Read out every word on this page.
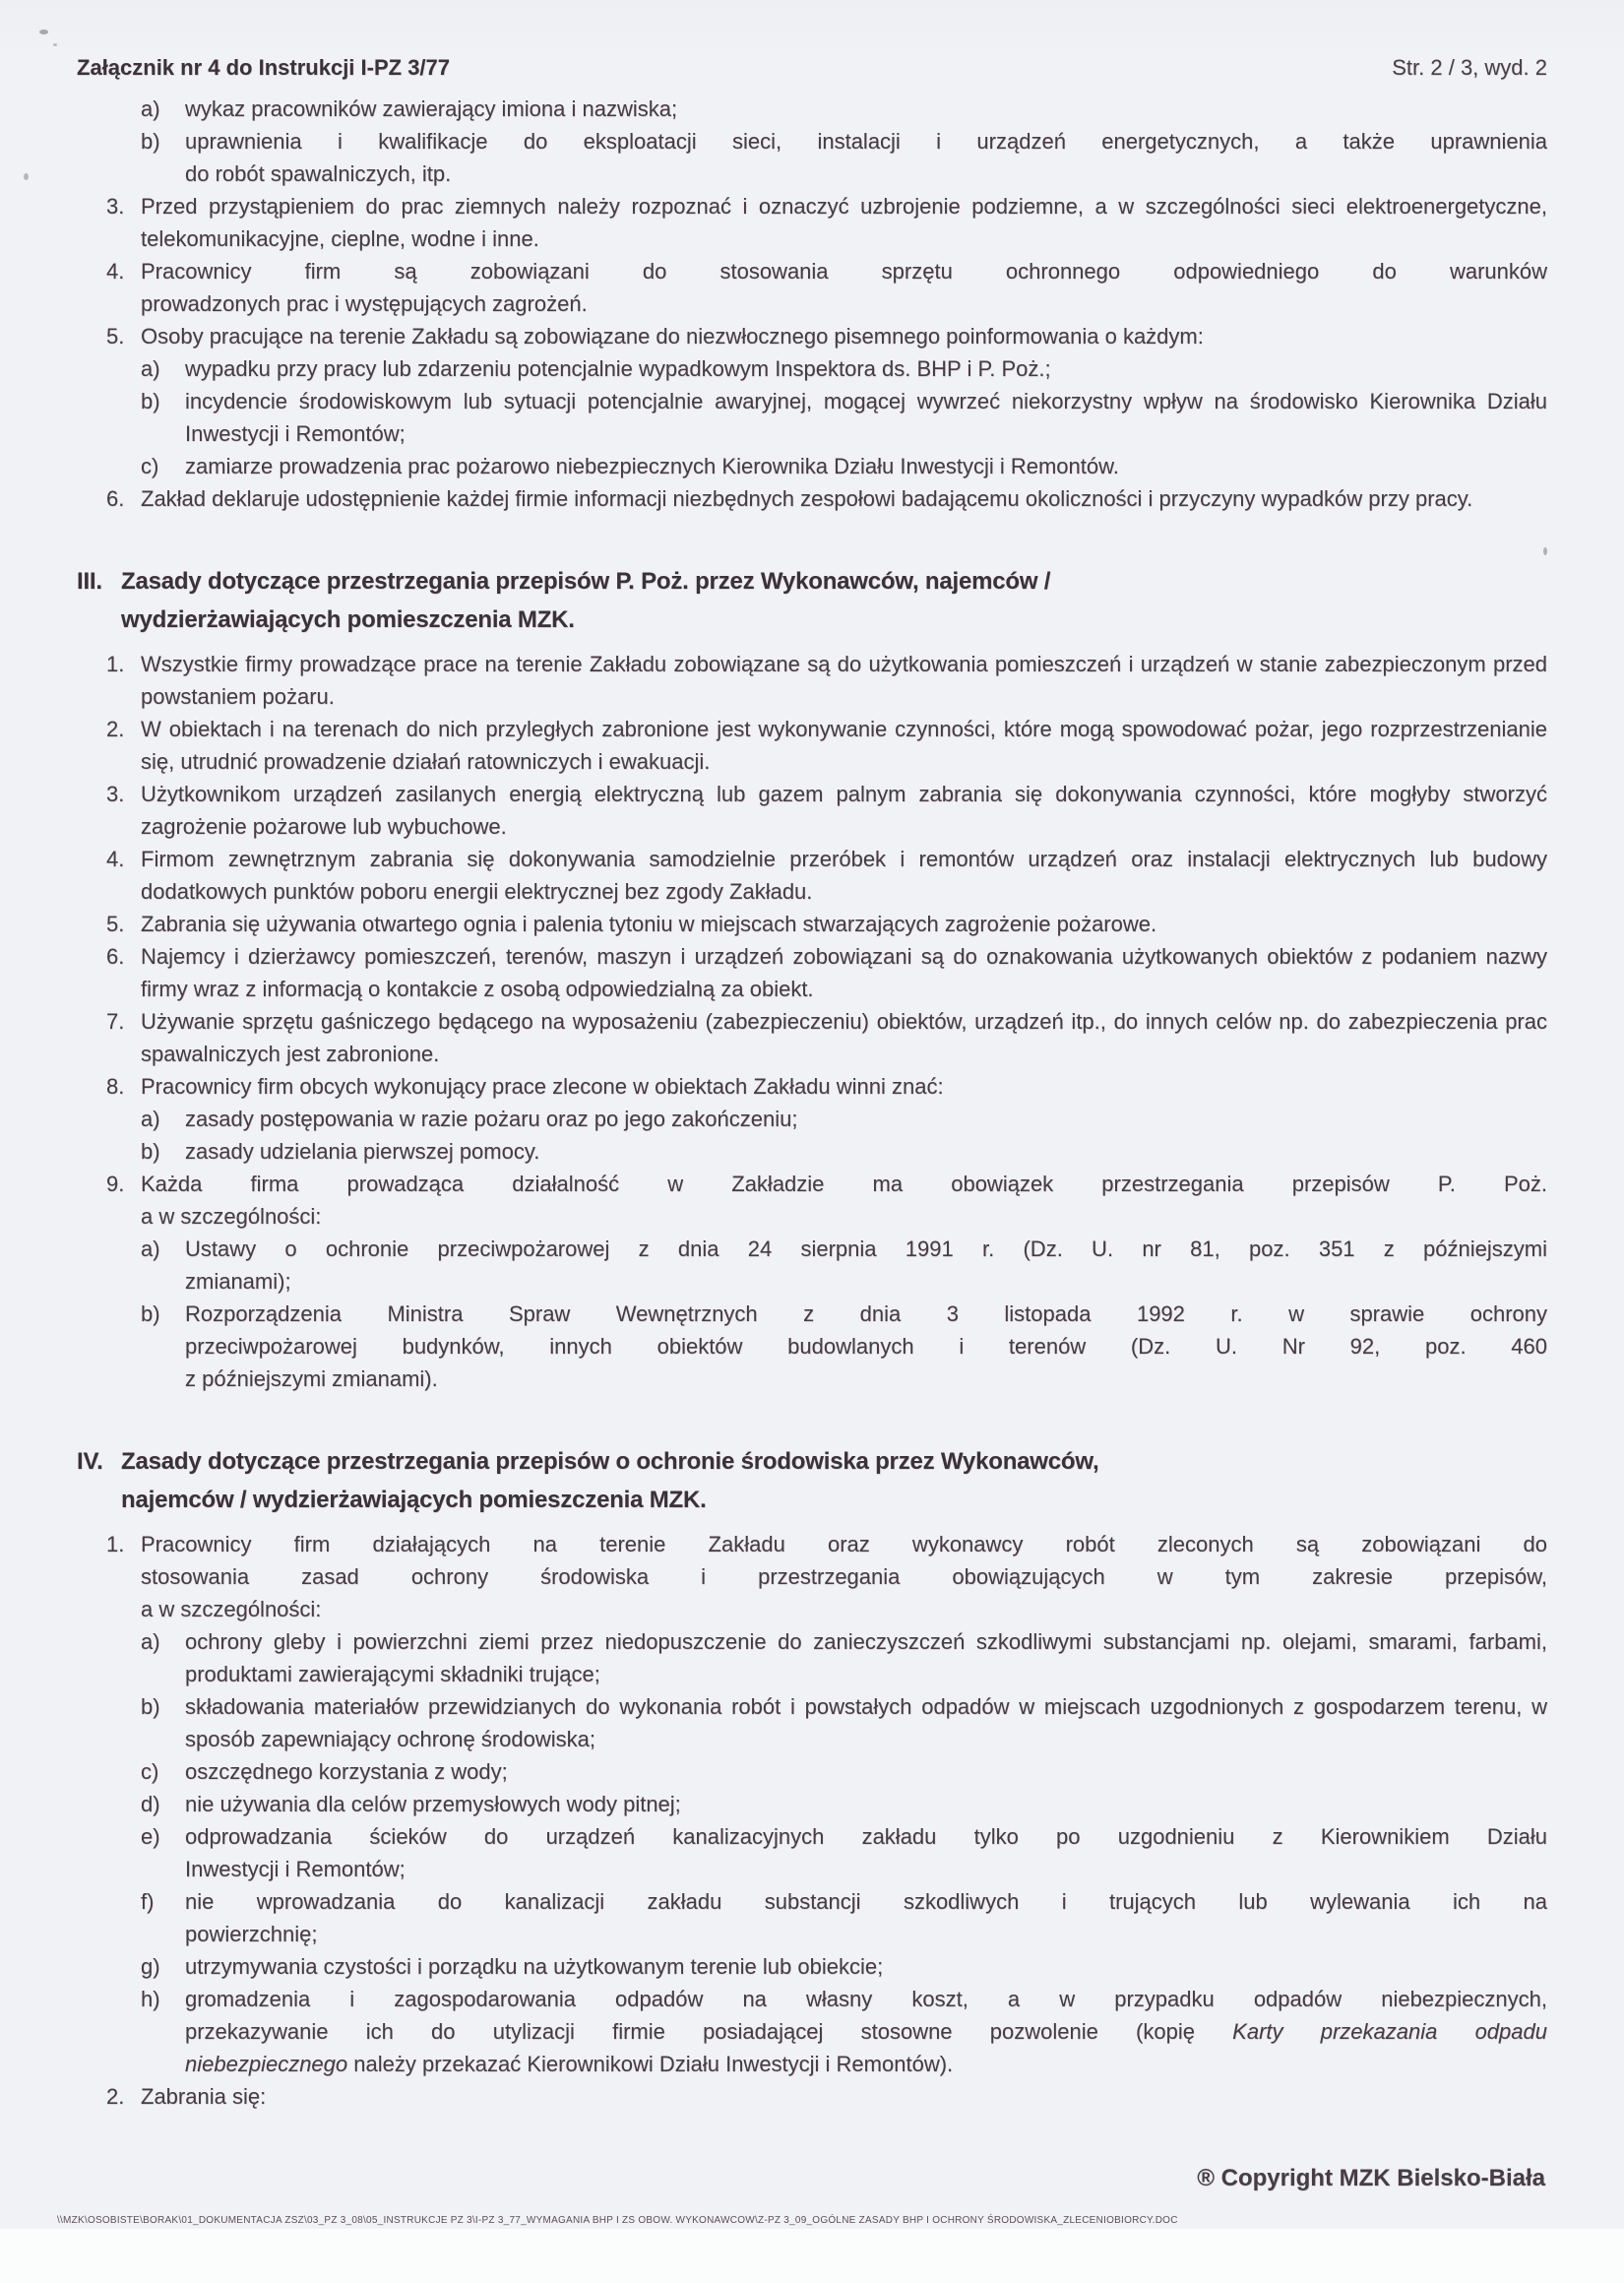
Załącznik nr 4 do Instrukcji I-PZ 3/77	Str. 2 / 3, wyd. 2
a)	wykaz pracowników zawierający imiona i nazwiska;
b)	uprawnienia i kwalifikacje do eksploatacji sieci, instalacji i urządzeń energetycznych, a także uprawnienia
do robót spawalniczych, itp.
3. Przed przystąpieniem do prac ziemnych należy rozpoznać i oznaczyć uzbrojenie podziemne, a w szczególności sieci elektroenergetyczne, telekomunikacyjne, cieplne, wodne i inne.
4. Pracownicy firm są zobowiązani do stosowania sprzętu ochronnego odpowiedniego do warunków
prowadzonych prac i występujących zagrożeń.
5. Osoby pracujące na terenie Zakładu są zobowiązane do niezwłocznego pisemnego poinformowania o każdym:
a)	wypadku przy pracy lub zdarzeniu potencjalnie wypadkowym Inspektora ds. BHP i P. Poż.;
b)	incydencie środowiskowym lub sytuacji potencjalnie awaryjnej, mogącej wywrzeć niekorzystny wpływ na środowisko Kierownika Działu Inwestycji i Remontów;
c)	zamiarze prowadzenia prac pożarowo niebezpiecznych Kierownika Działu Inwestycji i Remontów.
6. Zakład deklaruje udostępnienie każdej firmie informacji niezbędnych zespołowi badającemu okoliczności i przyczyny wypadków przy pracy.
III. Zasady dotyczące przestrzegania przepisów P. Poż. przez Wykonawców, najemców /
wydzierżawiających pomieszczenia MZK.
1. Wszystkie firmy prowadzące prace na terenie Zakładu zobowiązane są do użytkowania pomieszczeń i urządzeń w stanie zabezpieczonym przed powstaniem pożaru.
2. W obiektach i na terenach do nich przyległych zabronione jest wykonywanie czynności, które mogą spowodować pożar, jego rozprzestrzenianie się, utrudnić prowadzenie działań ratowniczych i ewakuacji.
3. Użytkownikom urządzeń zasilanych energią elektryczną lub gazem palnym zabrania się dokonywania czynności, które mogłyby stworzyć zagrożenie pożarowe lub wybuchowe.
4. Firmom zewnętrznym zabrania się dokonywania samodzielnie przeróbek i remontów urządzeń oraz instalacji elektrycznych lub budowy dodatkowych punktów poboru energii elektrycznej bez zgody Zakładu.
5. Zabrania się używania otwartego ognia i palenia tytoniu w miejscach stwarzających zagrożenie pożarowe.
6. Najemcy i dzierżawcy pomieszczeń, terenów, maszyn i urządzeń zobowiązani są do oznakowania użytkowanych obiektów z podaniem nazwy firmy wraz z informacją o kontakcie z osobą odpowiedzialną za obiekt.
7. Używanie sprzętu gaśniczego będącego na wyposażeniu (zabezpieczeniu) obiektów, urządzeń itp., do innych celów np. do zabezpieczenia prac spawalniczych jest zabronione.
8. Pracownicy firm obcych wykonujący prace zlecone w obiektach Zakładu winni znać:
a)	zasady postępowania w razie pożaru oraz po jego zakończeniu;
b)	zasady udzielania pierwszej pomocy.
9. Każda firma prowadząca działalność w Zakładzie ma obowiązek przestrzegania przepisów P. Poż.
a w szczególności:
a)	Ustawy o ochronie przeciwpożarowej z dnia 24 sierpnia 1991 r. (Dz. U. nr 81, poz. 351 z późniejszymi
zmianami);
b)	Rozporządzenia Ministra Spraw Wewnętrznych z dnia 3 listopada 1992 r. w sprawie ochrony
przeciwpożarowej budynków, innych obiektów budowlanych i terenów (Dz. U. Nr 92, poz. 460
z późniejszymi zmianami).
IV. Zasady dotyczące przestrzegania przepisów o ochronie środowiska przez Wykonawców,
najemców / wydzierżawiających pomieszczenia MZK.
1. Pracownicy firm działających na terenie Zakładu oraz wykonawcy robót zleconych są zobowiązani do
stosowania zasad ochrony środowiska i przestrzegania obowiązujących w tym zakresie przepisów,
a w szczególności:
a)	ochrony gleby i powierzchni ziemi przez niedopuszczenie do zanieczyszczeń szkodliwymi substancjami np. olejami, smarami, farbami, produktami zawierającymi składniki trujące;
b)	składowania materiałów przewidzianych do wykonania robót i powstałych odpadów w miejscach uzgodnionych z gospodarzem terenu, w sposób zapewniający ochronę środowiska;
c)	oszczędnego korzystania z wody;
d)	nie używania dla celów przemysłowych wody pitnej;
e)	odprowadzania ścieków do urządzeń kanalizacyjnych zakładu tylko po uzgodnieniu z Kierownikiem Działu
Inwestycji i Remontów;
f)	nie wprowadzania do kanalizacji zakładu substancji szkodliwych i trujących lub wylewania ich na
powierzchnię;
g)	utrzymywania czystości i porządku na użytkowanym terenie lub obiekcie;
h)	gromadzenia i zagospodarowania odpadów na własny koszt, a w przypadku odpadów niebezpiecznych,
przekazywanie ich do utylizacji firmie posiadającej stosowne pozwolenie (kopię Karty przekazania odpadu
niebezpiecznego należy przekazać Kierownikowi Działu Inwestycji i Remontów).
2. Zabrania się:
® Copyright MZK Bielsko-Biała
\\MZK\OSOBISTE\BORAK\01_DOKUMENTACJA ZSZ\03_PZ 3_08\05_INSTRUKCJE PZ 3\I-PZ 3_77_WYMAGANIA BHP I ZS OBOW. WYKONAWCOW\Z-PZ 3_09_OGÓLNE ZASADY BHP I OCHRONY ŚRODOWISKA_ZLECENIOBIORCY.DOC
